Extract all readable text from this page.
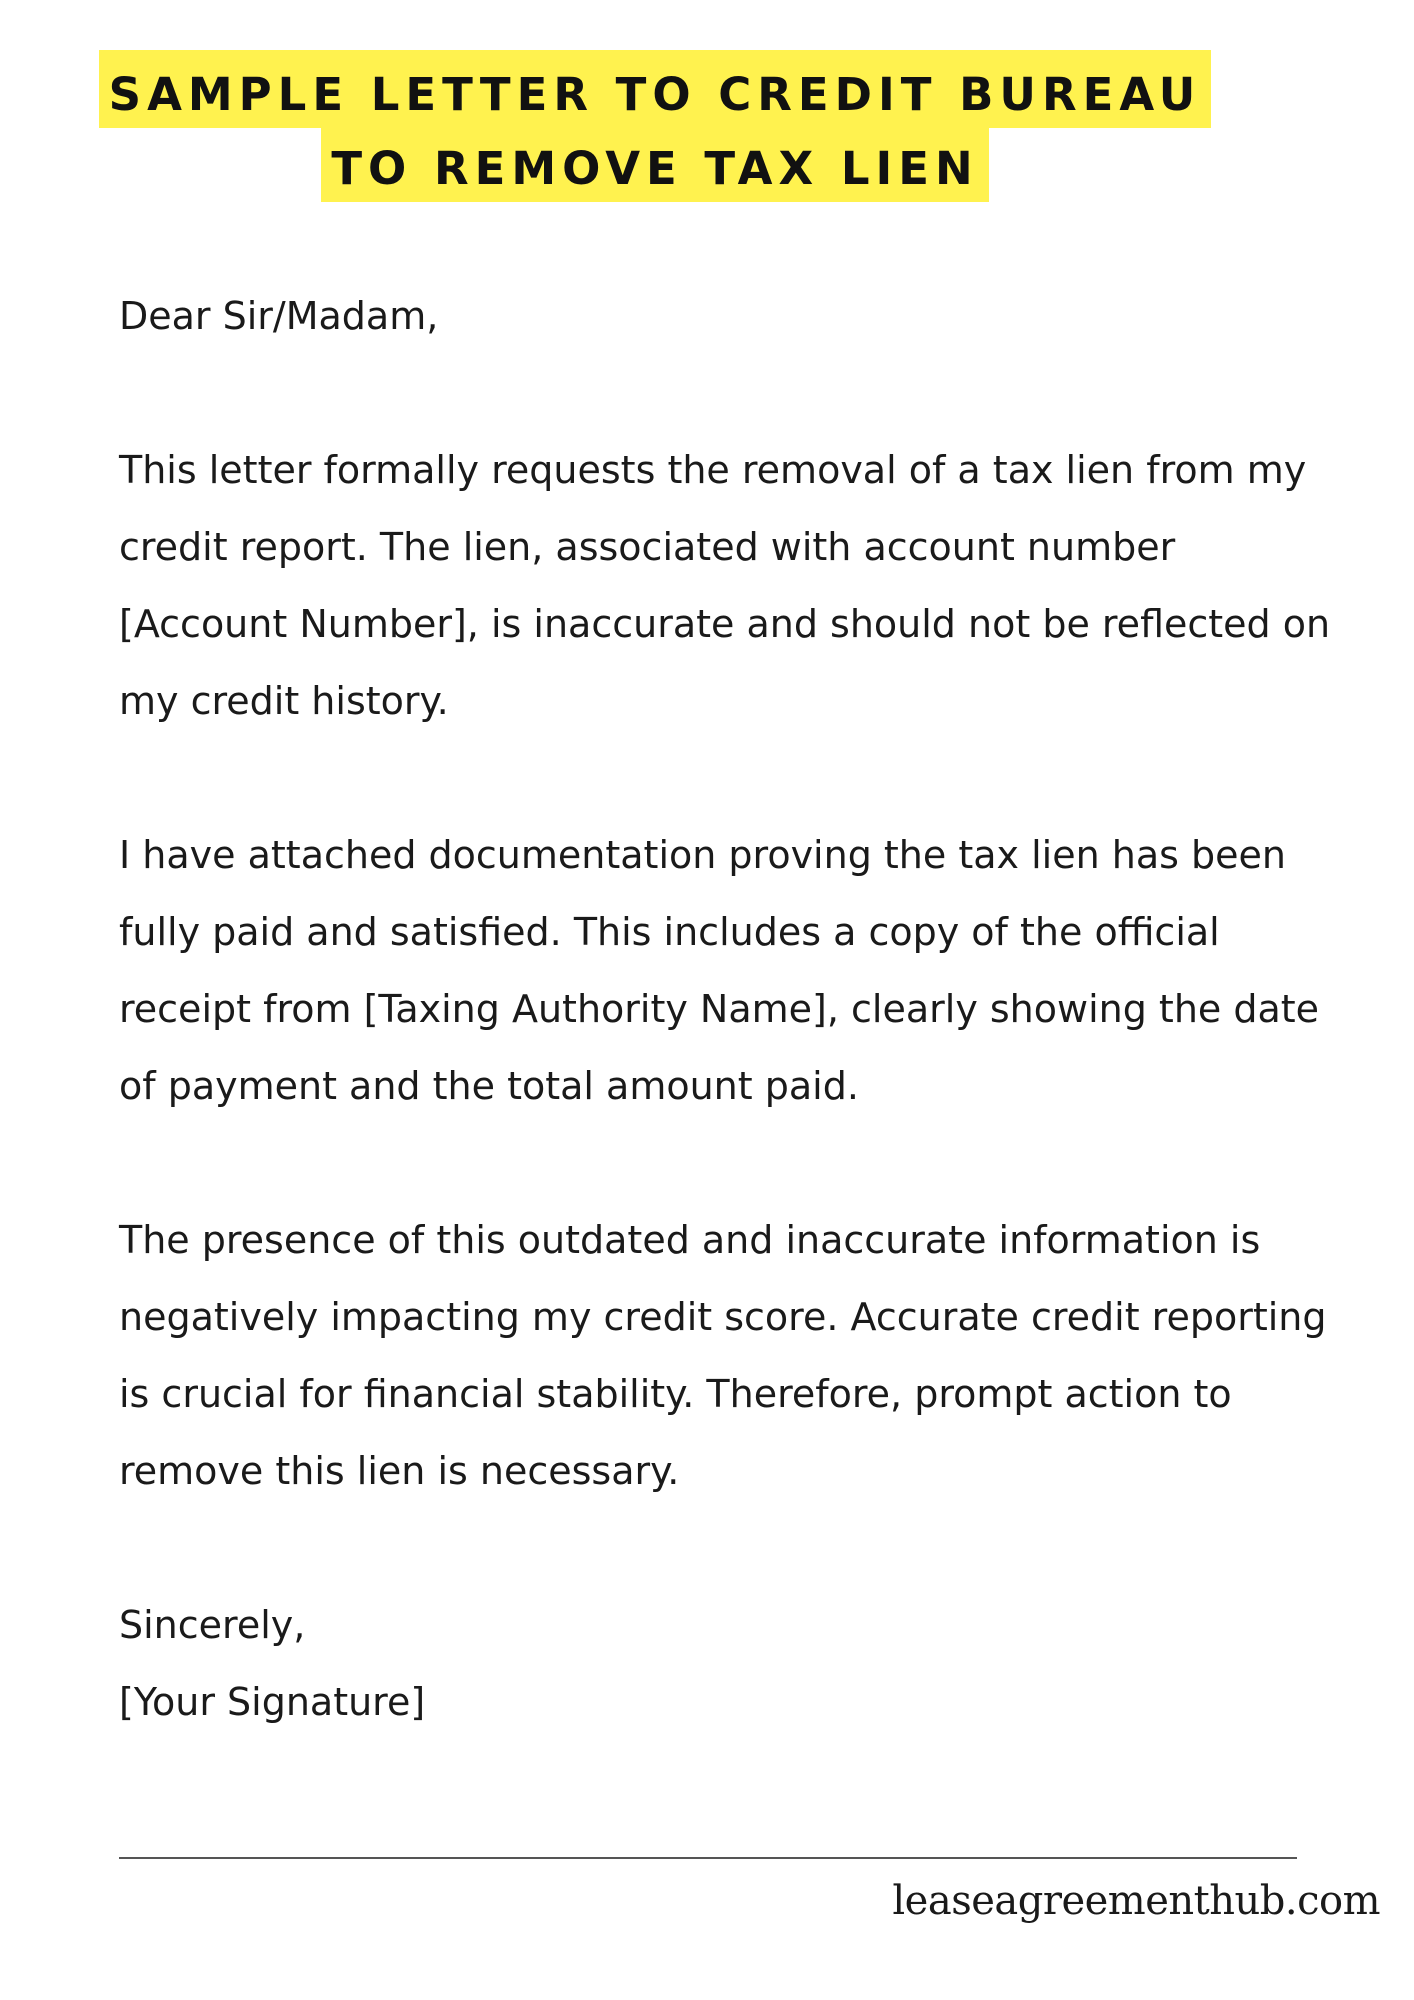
SAMPLE LETTER TO CREDIT BUREAU
TO REMOVE TAX LIEN

Dear Sir/Madam,

This letter formally requests the removal of a tax lien from my credit report. The lien, associated with account number [Account Number], is inaccurate and should not be reflected on my credit history.

I have attached documentation proving the tax lien has been fully paid and satisfied. This includes a copy of the official receipt from [Taxing Authority Name], clearly showing the date of payment and the total amount paid.

The presence of this outdated and inaccurate information is negatively impacting my credit score. Accurate credit reporting is crucial for financial stability. Therefore, prompt action to remove this lien is necessary.

Sincerely,
[Your Signature]
leaseagreementhub.com
